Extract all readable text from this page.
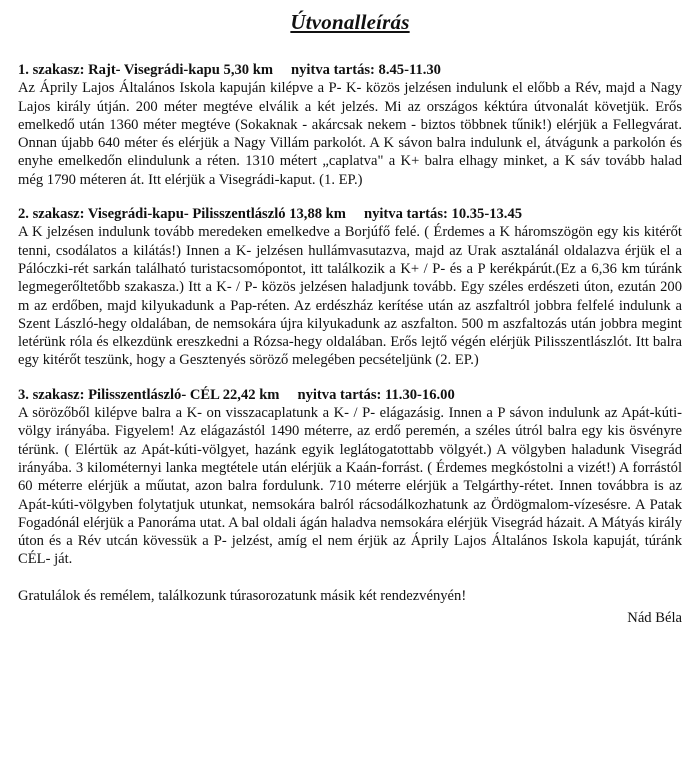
Útvonalleírás

1. szakasz: Rajt- Visegrádi-kapu 5,30 km nyitva tartás: 8.45-11.30

Az Áprily Lajos Általános Iskola kapuján kilépve a P- K- közös jelzésen indulunk el előbb a Rév, majd a Nagy Lajos király útján. 200 méter megtéve elválik a két jelzés. Mi az országos kéktúra útvonalát követjük. Erős emelkedő után 1360 méter megtéve (Sokaknak - akárcsak nekem - biztos többnek tűnik!) elérjük a Fellegvárat. Onnan újabb 640 méter és elérjük a Nagy Villám parkolót. A K sávon balra indulunk el, átvágunk a parkolón és enyhe emelkedőn elindulunk a réten. 1310 métert „caplatva" a K+ balra elhagy minket, a K sáv tovább halad még 1790 méteren át. Itt elérjük a Visegrádi-kaput. (1. EP.)

2. szakasz: Visegrádi-kapu- Pilisszentlászló 13,88 km nyitva tartás: 10.35-13.45

A K jelzésen indulunk tovább meredeken emelkedve a Borjúfő felé. ( Érdemes a K háromszögön egy kis kitérőt tenni, csodálatos a kilátás!) Innen a K- jelzésen hullámvasutazva, majd az Urak asztalánál oldalazva érjük el a Pálóczki-rét sarkán található turistacsomópontot, itt találkozik a K+ / P- és a P kerékpárút.(Ez a 6,36 km túránk legmegerőltetőbb szakasza.) Itt a K- / P- közös jelzésen haladjunk tovább. Egy széles erdészeti úton, ezután 200 m az erdőben, majd kilyukadunk a Pap-réten. Az erdészház kerítése után az aszfaltról jobbra felfelé indulunk a Szent László-hegy oldalában, de nemsokára újra kilyukadunk az aszfalton. 500 m aszfaltozás után jobbra megint letérünk róla és elkezdünk ereszkedni a Rózsa-hegy oldalában. Erős lejtő végén elérjük Pilisszentlászlót. Itt balra egy kitérőt teszünk, hogy a Gesztenyés söröző melegében pecsételjünk (2. EP.)

3. szakasz: Pilisszentlászló- CÉL 22,42 km nyitva tartás: 11.30-16.00

A sörözőből kilépve balra a K- on visszacaplatunk a K- / P- elágazásig. Innen a P sávon indulunk az Apát-kúti-völgy irányába. Figyelem! Az elágazástól 1490 méterre, az erdő peremén, a széles útról balra egy kis ösvényre térünk. ( Elértük az Apát-kúti-völgyet, hazánk egyik leglátogatottabb völgyét.) A völgyben haladunk Visegrád irányába. 3 kilométernyi lanka megtétele után elérjük a Kaán-forrást. ( Érdemes megkóstolni a vizét!) A forrástól 60 méterre elérjük a műutat, azon balra fordulunk. 710 méterre elérjük a Telgárthy-rétet. Innen továbbra is az Apát-kúti-völgyben folytatjuk utunkat, nemsokára balról rácsodálkozhatunk az Ördögmalom-vízesésre. A Patak Fogadónál elérjük a Panoráma utat. A bal oldali ágán haladva nemsokára elérjük Visegrád házait. A Mátyás király úton és a Rév utcán kövessük a P- jelzést, amíg el nem érjük az Áprily Lajos Általános Iskola kapuját, túránk CÉL- ját.

Gratulálok és remélem, találkozunk túrasorozatunk másik két rendezvényén!

Nád Béla
